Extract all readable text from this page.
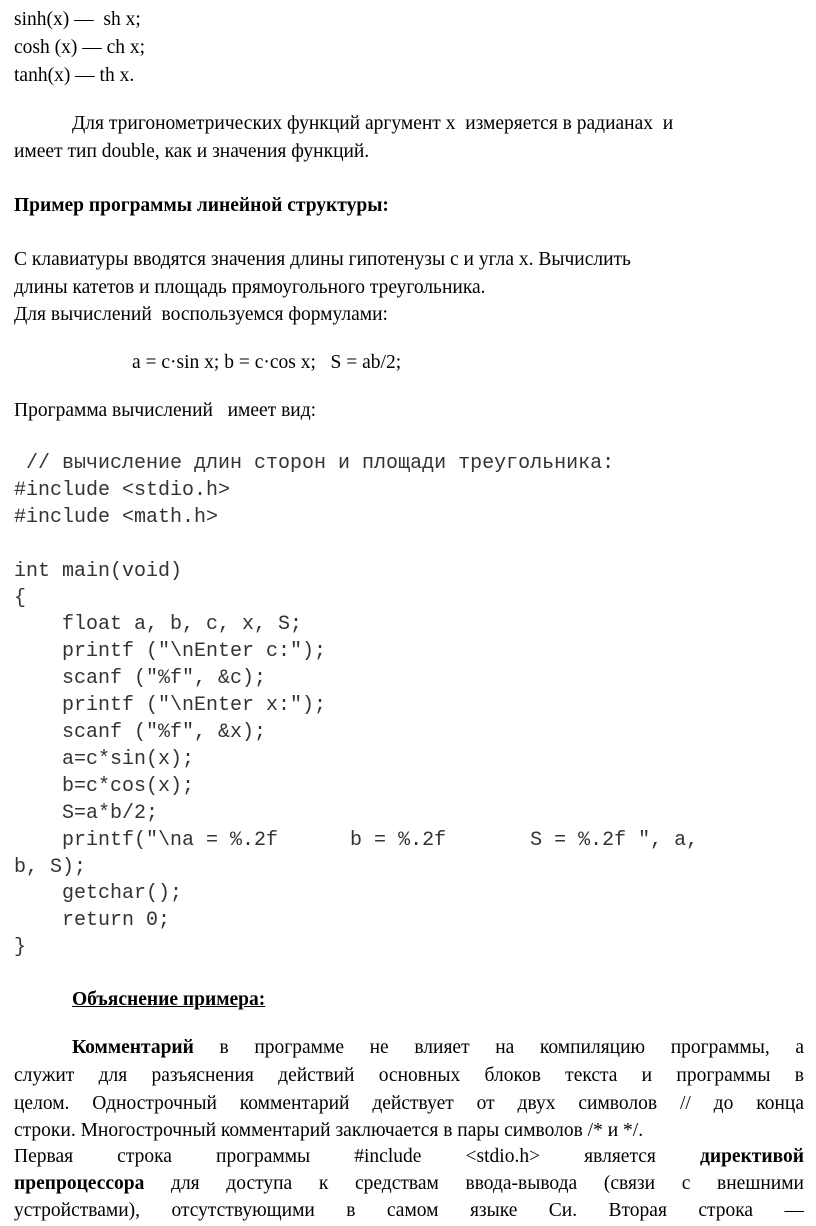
sinh(x) —  sh x;
cosh (x) — ch x;
tanh(x) — th x.
Для тригонометрических функций аргумент x  измеряется в радианах  и
имеет тип double, как и значения функций.
Пример программы линейной структуры:
С клавиатуры вводятся значения длины гипотенузы c и угла x. Вычислить
длины катетов и площадь прямоугольного треугольника.
Для вычислений  воспользуемся формулами:
a = c·sin x; b = c·cos x;   S = ab/2;
Программа вычислений   имеет вид:
// вычисление длин сторон и площади треугольника:
#include <stdio.h>
#include <math.h>
int main(void)
{
float a, b, c, x, S;
printf ("\nEnter c:");
scanf ("%f", &c);
printf ("\nEnter x:");
scanf ("%f", &x);
a=c*sin(x);
b=c*cos(x);
S=a*b/2;
printf("\na = %.2f      b = %.2f       S = %.2f ", a,
b, S);
getchar();
return 0;
}
Объяснение примера:
Комментарий в программе не влияет на компиляцию программы, а
служит для разъяснения действий основных блоков текста и программы в
целом. Однострочный комментарий действует от двух символов // до конца
строки. Многострочный комментарий заключается в пары символов /* и */.
Первая строка программы #include <stdio.h> является директивой
препроцессора для доступа к средствам ввода-вывода (связи с внешними
устройствами), отсутствующими в самом языке Си. Вторая строка —
